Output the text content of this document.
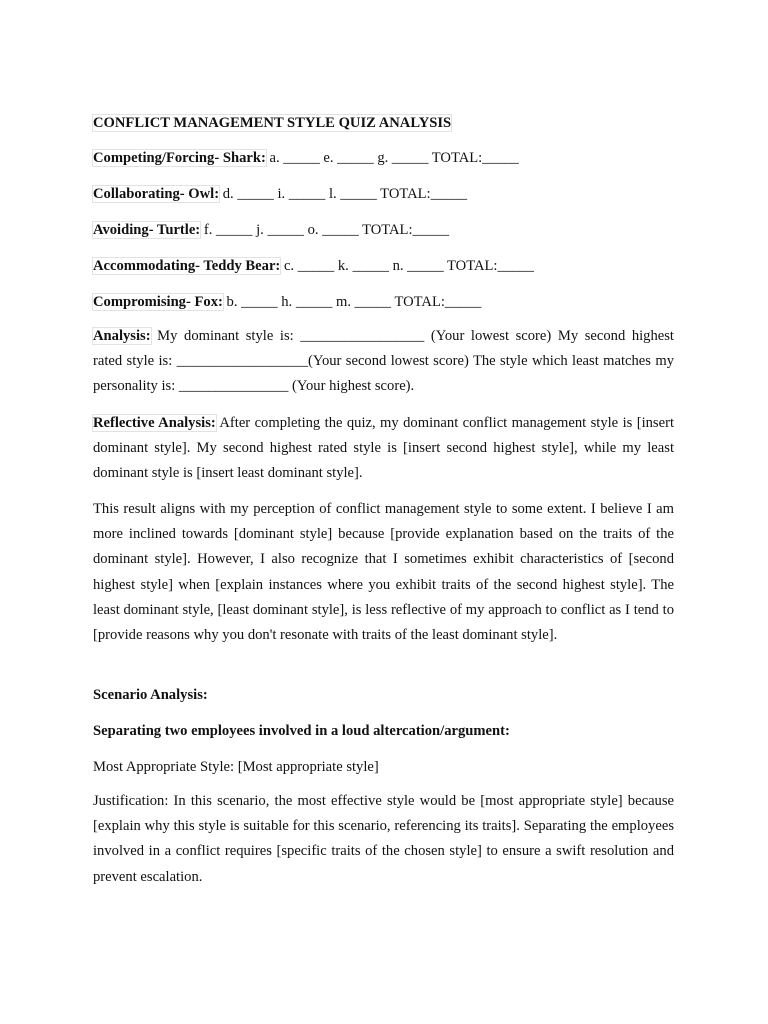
CONFLICT MANAGEMENT STYLE QUIZ ANALYSIS
Competing/Forcing- Shark: a. _____ e. _____ g. _____ TOTAL:_____
Collaborating- Owl: d. _____ i. _____ l. _____ TOTAL:_____
Avoiding- Turtle: f. _____ j. _____ o. _____ TOTAL:_____
Accommodating- Teddy Bear: c. _____ k. _____ n. _____ TOTAL:_____
Compromising- Fox: b. _____ h. _____ m. _____ TOTAL:_____
Analysis: My dominant style is: _________________ (Your lowest score) My second highest rated style is: __________________(Your second lowest score) The style which least matches my personality is: _______________ (Your highest score).
Reflective Analysis: After completing the quiz, my dominant conflict management style is [insert dominant style]. My second highest rated style is [insert second highest style], while my least dominant style is [insert least dominant style].
This result aligns with my perception of conflict management style to some extent. I believe I am more inclined towards [dominant style] because [provide explanation based on the traits of the dominant style]. However, I also recognize that I sometimes exhibit characteristics of [second highest style] when [explain instances where you exhibit traits of the second highest style]. The least dominant style, [least dominant style], is less reflective of my approach to conflict as I tend to [provide reasons why you don't resonate with traits of the least dominant style].
Scenario Analysis:
Separating two employees involved in a loud altercation/argument:
Most Appropriate Style: [Most appropriate style]
Justification: In this scenario, the most effective style would be [most appropriate style] because [explain why this style is suitable for this scenario, referencing its traits]. Separating the employees involved in a conflict requires [specific traits of the chosen style] to ensure a swift resolution and prevent escalation.
